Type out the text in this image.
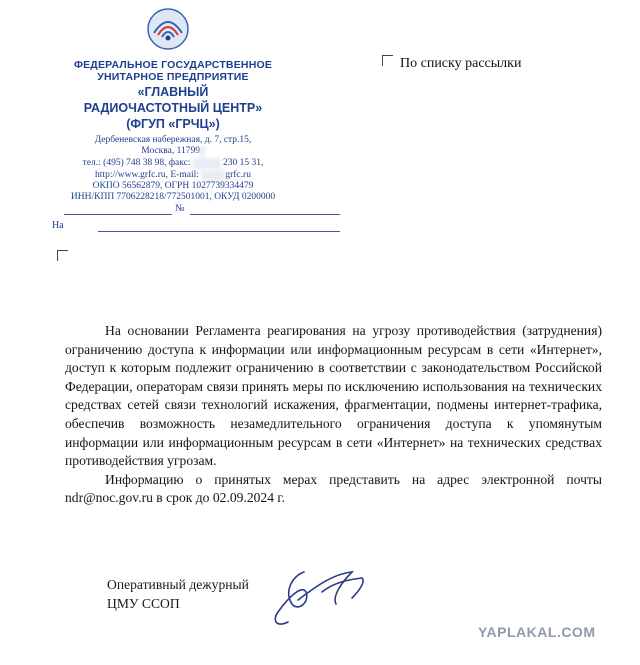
ФЕДЕРАЛЬНОЕ ГОСУДАРСТВЕННОЕ
УНИТАРНОЕ ПРЕДПРИЯТИЕ
«ГЛАВНЫЙ
РАДИОЧАСТОТНЫЙ ЦЕНТР»
(ФГУП «ГРЧЦ»)
Дербеневская набережная, д. 7, стр.15,
Москва, 11799
тел.: (495) 748 38 98, факс:	230 15 31,
http://www.grfc.ru, E-mail:	grfc.ru
ОКПО 56562879, ОГРН 1027739334479
ИНН/КПП 7706228218/772501001, ОКУД 0200000
№
На
По списку рассылки

На основании Регламента реагирования на угрозу противодействия (затруднения) ограничению доступа к информации или информационным ресурсам в сети «Интернет», доступ к которым подлежит ограничению в соответствии с законодательством Российской Федерации, операторам связи принять меры по исключению использования на технических средствах сетей связи технологий искажения, фрагментации, подмены интернет-трафика, обеспечив возможность незамедлительного ограничения доступа к упомянутым информации или информационным ресурсам в сети «Интернет» на технических средствах противодействия угрозам.

Информацию о принятых мерах представить на адрес электронной почты ndr@noc.gov.ru в срок до 02.09.2024 г.

Оперативный дежурный
ЦМУ ССОП
YAPLAKAL.COM
